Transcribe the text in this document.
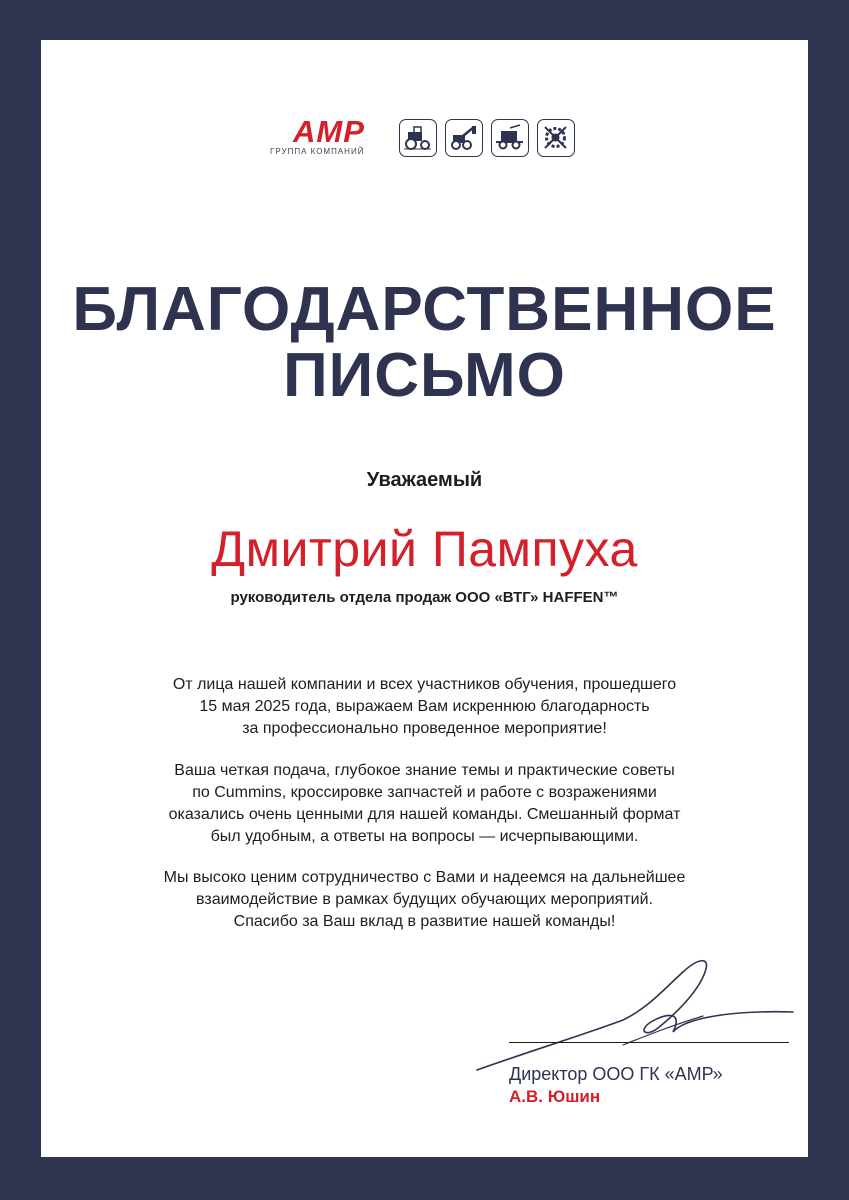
АМР
ГРУППА КОМПАНИЙ
БЛАГОДАРСТВЕННОЕ
ПИСЬМО
Уважаемый
Дмитрий Пампуха
руководитель отдела продаж ООО «ВТГ» HAFFEN™
От лица нашей компании и всех участников обучения, прошедшего
15 мая 2025 года, выражаем Вам искреннюю благодарность
за профессионально проведенное мероприятие!
Ваша четкая подача, глубокое знание темы и практические советы
по Cummins, кроссировке запчастей и работе с возражениями
оказались очень ценными для нашей команды. Смешанный формат
был удобным, а ответы на вопросы — исчерпывающими.
Мы высоко ценим сотрудничество с Вами и надеемся на дальнейшее
взаимодействие в рамках будущих обучающих мероприятий.
Спасибо за Ваш вклад в развитие нашей команды!
Директор ООО ГК «АМР»
А.В. Юшин
